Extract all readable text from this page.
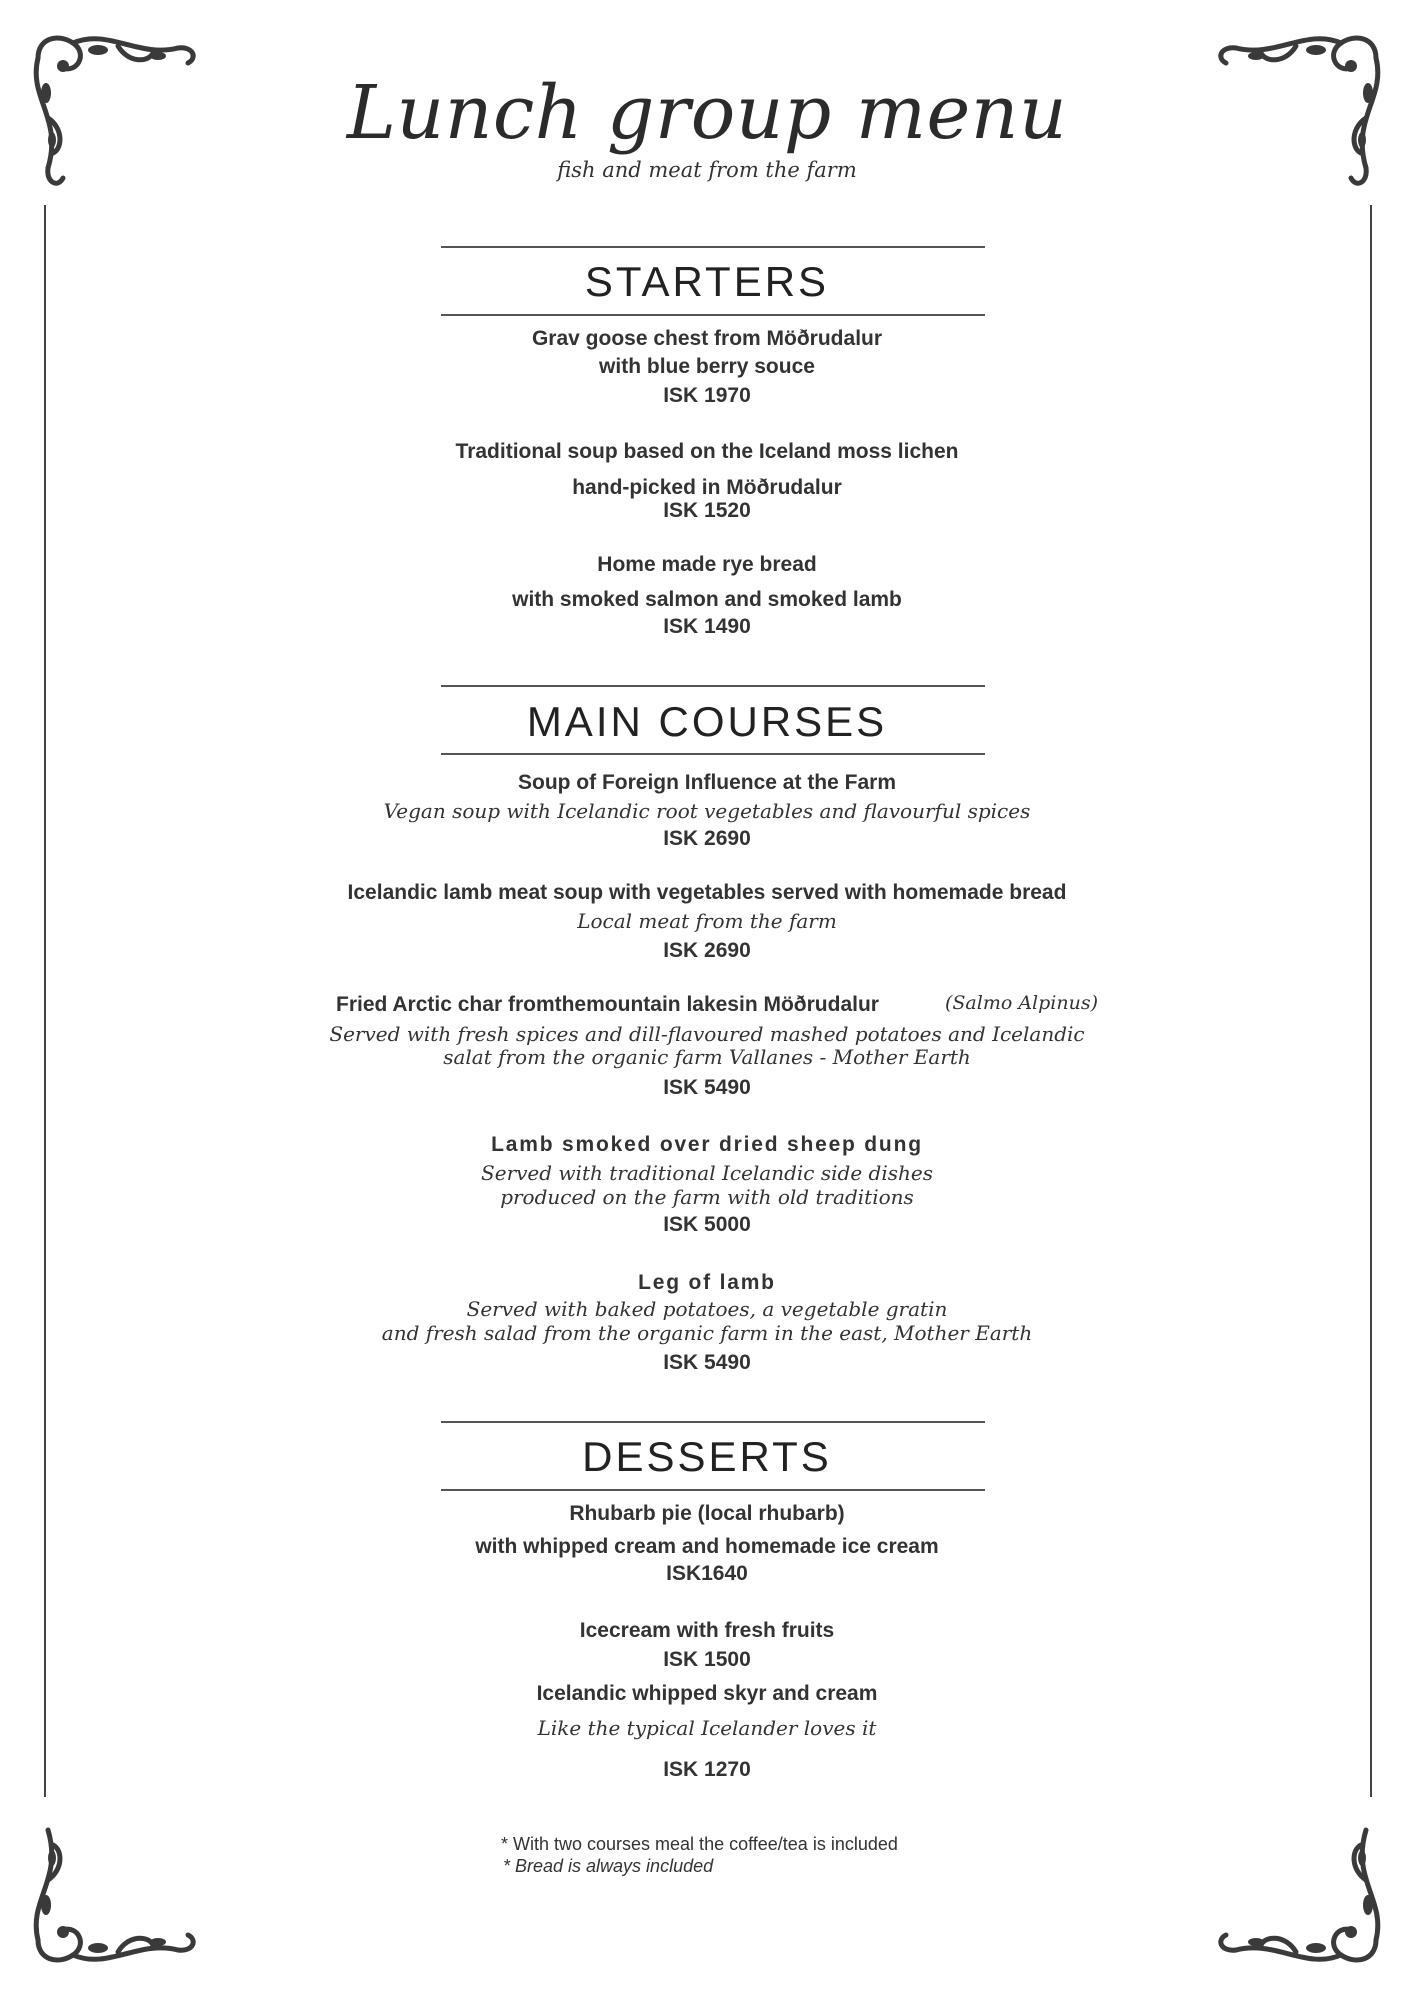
Lunch group menu
fish and meat from the farm
STARTERS
Grav goose chest from Möðrudalur
with blue berry souce
ISK 1970
Traditional soup based on the Iceland moss lichen
hand-picked in Möðrudalur
ISK 1520
Home made rye bread
with smoked salmon and smoked lamb
ISK 1490
MAIN COURSES
Soup of Foreign Influence at the Farm
Vegan soup with Icelandic root vegetables and flavourful spices
ISK 2690
Icelandic lamb meat soup with vegetables served with homemade bread
Local meat from the farm
ISK 2690
Fried Arctic char fromthemountain lakesin Möðrudalur	(Salmo Alpinus)
Served with fresh spices and dill-flavoured mashed potatoes and Icelandic
salat from the organic farm Vallanes - Mother Earth
ISK 5490
Lamb smoked over dried sheep dung
Served with traditional Icelandic side dishes
produced on the farm with old traditions
ISK 5000
Leg of lamb
Served with baked potatoes, a vegetable gratin
and fresh salad from the organic farm in the east, Mother Earth
ISK 5490
DESSERTS
Rhubarb pie (local rhubarb)
with whipped cream and homemade ice cream
ISK1640
Icecream with fresh fruits
ISK 1500
Icelandic whipped skyr and cream
Like the typical Icelander loves it
ISK 1270
* With two courses meal the coffee/tea is included
* Bread is always included
